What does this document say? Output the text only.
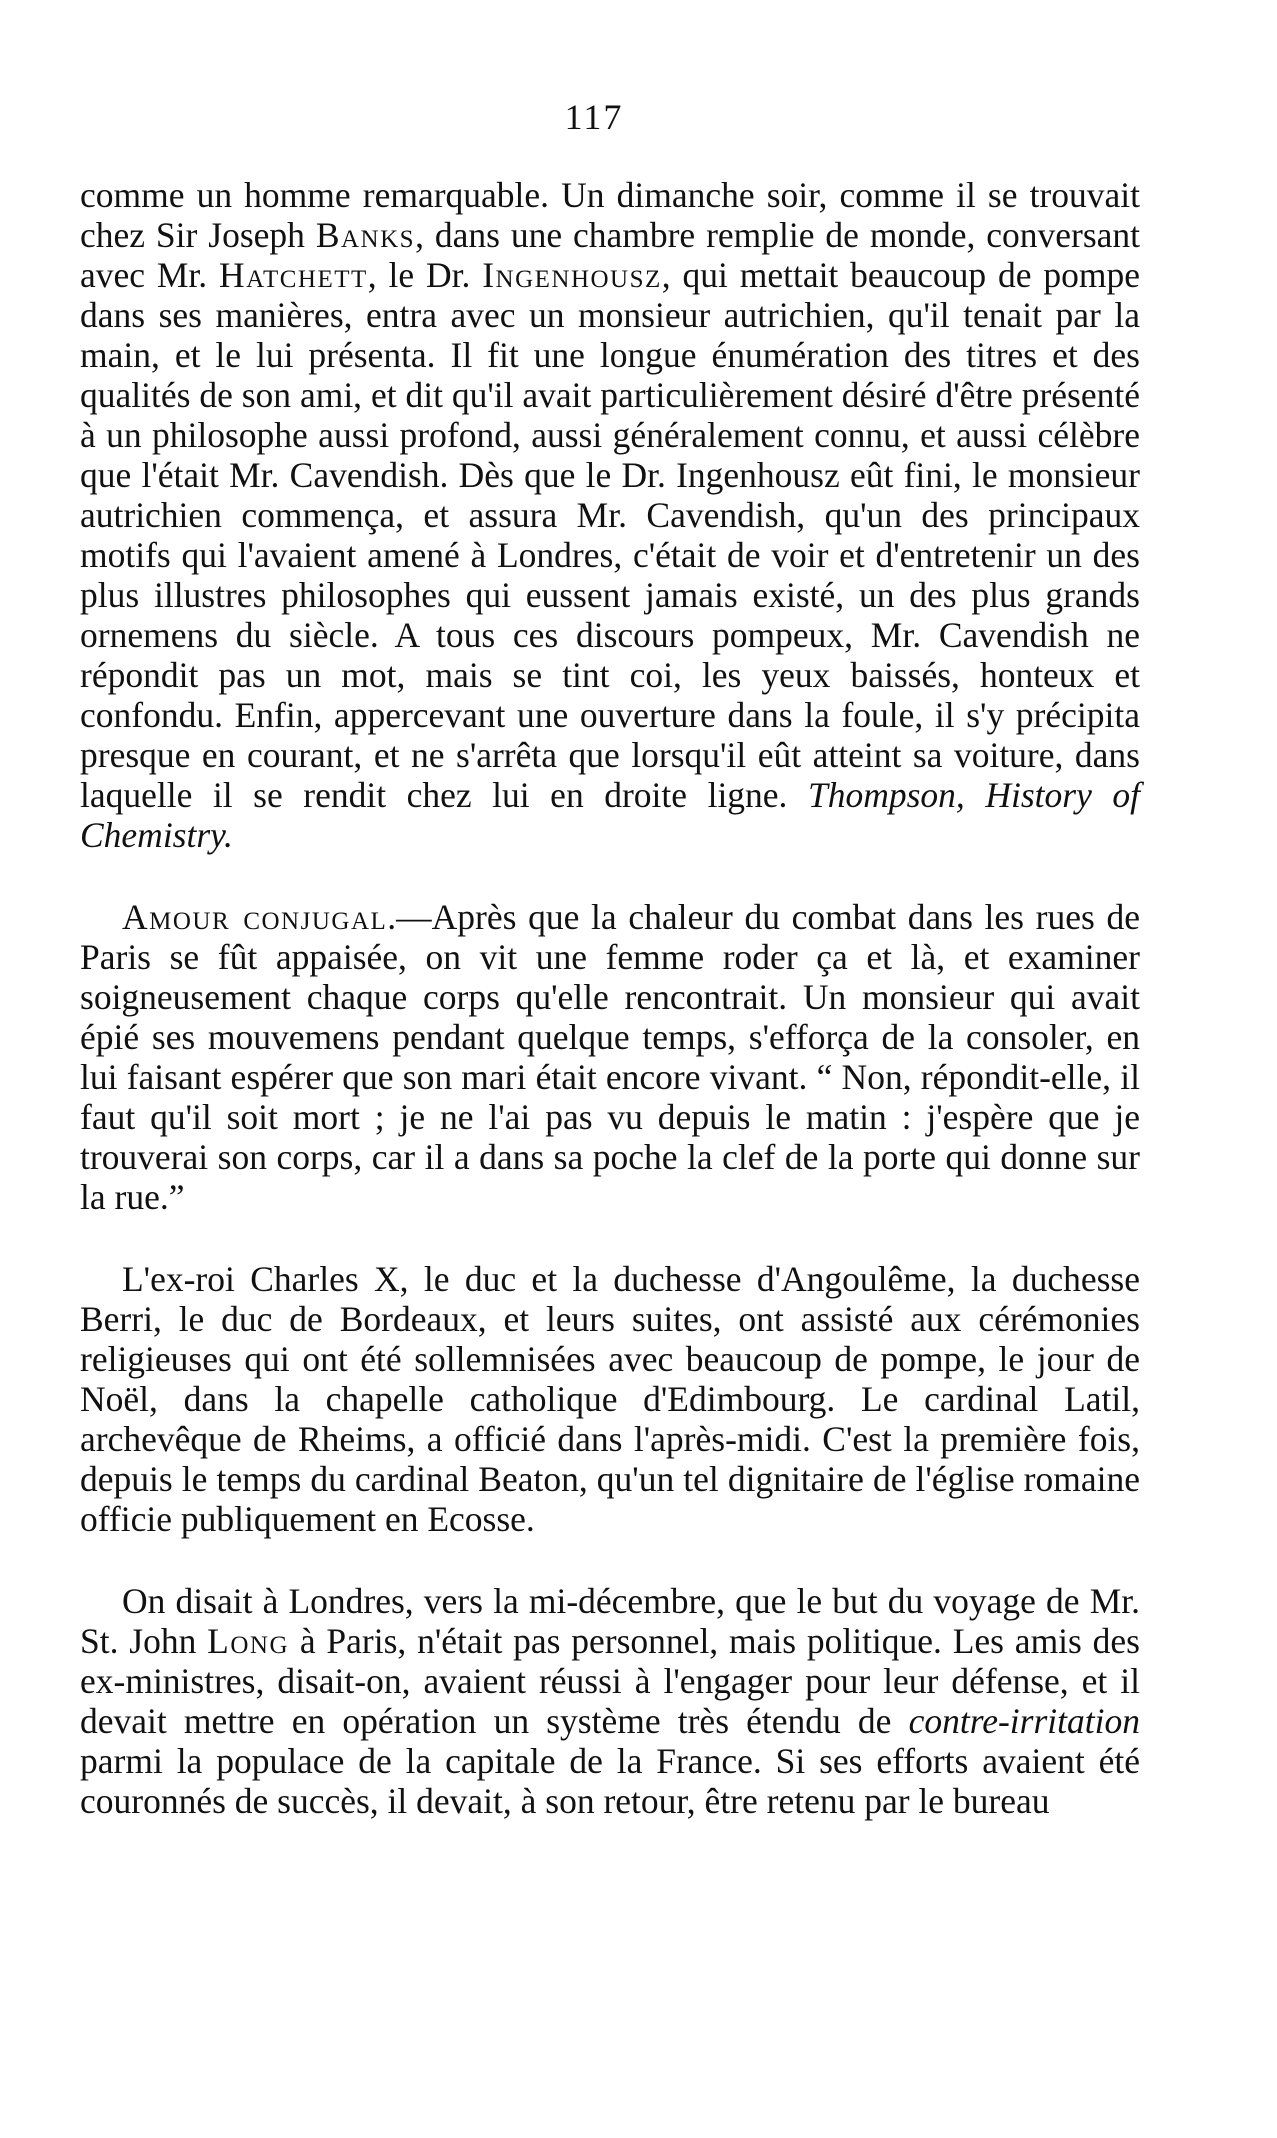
117

comme un homme remarquable. Un dimanche soir, comme il se trouvait chez Sir Joseph Banks, dans une chambre remplie de monde, conversant avec Mr. Hatchett, le Dr. Ingenhousz, qui mettait beaucoup de pompe dans ses manières, entra avec un monsieur autrichien, qu'il tenait par la main, et le lui présenta. Il fit une longue énumération des titres et des qualités de son ami, et dit qu'il avait particulièrement désiré d'être présenté à un philosophe aussi profond, aussi généralement connu, et aussi célèbre que l'était Mr. Cavendish. Dès que le Dr. Ingenhousz eût fini, le monsieur autrichien commença, et assura Mr. Cavendish, qu'un des principaux motifs qui l'avaient amené à Londres, c'était de voir et d'entretenir un des plus illustres philosophes qui eussent jamais existé, un des plus grands ornemens du siècle. A tous ces discours pompeux, Mr. Cavendish ne répondit pas un mot, mais se tint coi, les yeux baissés, honteux et confondu. Enfin, appercevant une ouverture dans la foule, il s'y précipita presque en courant, et ne s'arrêta que lorsqu'il eût atteint sa voiture, dans laquelle il se rendit chez lui en droite ligne. Thompson, History of Chemistry.

Amour conjugal.—Après que la chaleur du combat dans les rues de Paris se fût appaisée, on vit une femme roder ça et là, et examiner soigneusement chaque corps qu'elle rencontrait. Un monsieur qui avait épié ses mouvemens pendant quelque temps, s'efforça de la consoler, en lui faisant espérer que son mari était encore vivant. “ Non, répondit-elle, il faut qu'il soit mort ; je ne l'ai pas vu depuis le matin : j'espère que je trouverai son corps, car il a dans sa poche la clef de la porte qui donne sur la rue.”

L'ex-roi Charles X, le duc et la duchesse d'Angoulême, la duchesse Berri, le duc de Bordeaux, et leurs suites, ont assisté aux cérémonies religieuses qui ont été sollemnisées avec beaucoup de pompe, le jour de Noël, dans la chapelle catholique d'Edimbourg. Le cardinal Latil, archevêque de Rheims, a officié dans l'après-midi. C'est la première fois, depuis le temps du cardinal Beaton, qu'un tel dignitaire de l'église romaine officie publiquement en Ecosse.

On disait à Londres, vers la mi-décembre, que le but du voyage de Mr. St. John Long à Paris, n'était pas personnel, mais politique. Les amis des ex-ministres, disait-on, avaient réussi à l'engager pour leur défense, et il devait mettre en opération un système très étendu de contre-irritation parmi la populace de la capitale de la France. Si ses efforts avaient été couronnés de succès, il devait, à son retour, être retenu par le bureau
